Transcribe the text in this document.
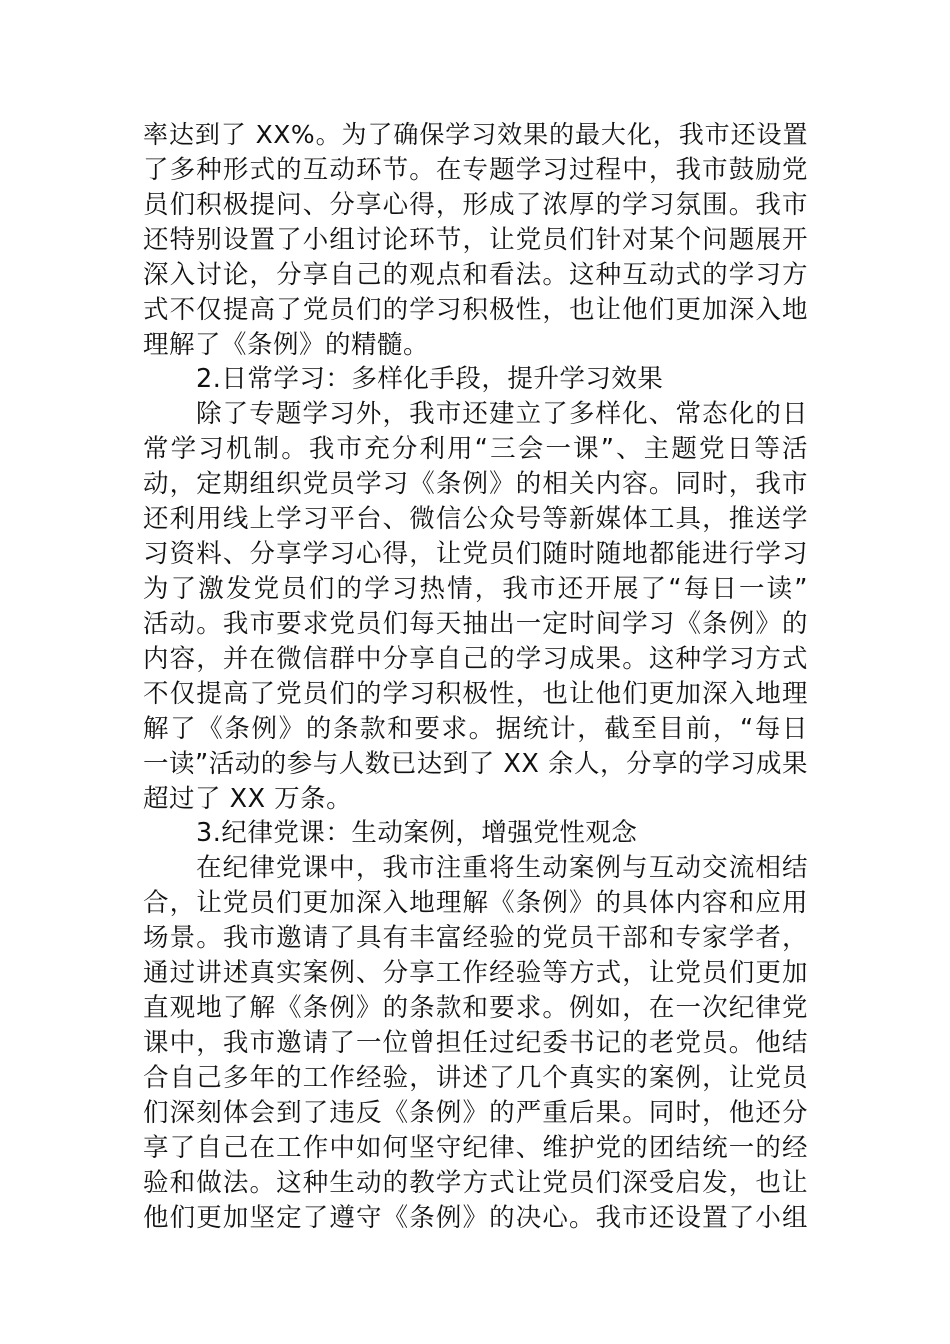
率达到了 XX%。为了确保学习效果的最大化，我市还设置
了多种形式的互动环节。在专题学习过程中，我市鼓励党
员们积极提问、分享心得，形成了浓厚的学习氛围。我市
还特别设置了小组讨论环节，让党员们针对某个问题展开
深入讨论，分享自己的观点和看法。这种互动式的学习方
式不仅提高了党员们的学习积极性，也让他们更加深入地
理解了《条例》的精髓。
2.日常学习：多样化手段，提升学习效果
除了专题学习外，我市还建立了多样化、常态化的日
常学习机制。我市充分利用“三会一课”、主题党日等活
动，定期组织党员学习《条例》的相关内容。同时，我市
还利用线上学习平台、微信公众号等新媒体工具，推送学
习资料、分享学习心得，让党员们随时随地都能进行学习
为了激发党员们的学习热情，我市还开展了“每日一读”
活动。我市要求党员们每天抽出一定时间学习《条例》的
内容，并在微信群中分享自己的学习成果。这种学习方式
不仅提高了党员们的学习积极性，也让他们更加深入地理
解了《条例》的条款和要求。据统计，截至目前，“每日
一读”活动的参与人数已达到了 XX 余人，分享的学习成果
超过了 XX 万条。
3.纪律党课：生动案例，增强党性观念
在纪律党课中，我市注重将生动案例与互动交流相结
合，让党员们更加深入地理解《条例》的具体内容和应用
场景。我市邀请了具有丰富经验的党员干部和专家学者，
通过讲述真实案例、分享工作经验等方式，让党员们更加
直观地了解《条例》的条款和要求。例如，在一次纪律党
课中，我市邀请了一位曾担任过纪委书记的老党员。他结
合自己多年的工作经验，讲述了几个真实的案例，让党员
们深刻体会到了违反《条例》的严重后果。同时，他还分
享了自己在工作中如何坚守纪律、维护党的团结统一的经
验和做法。这种生动的教学方式让党员们深受启发，也让
他们更加坚定了遵守《条例》的决心。我市还设置了小组
